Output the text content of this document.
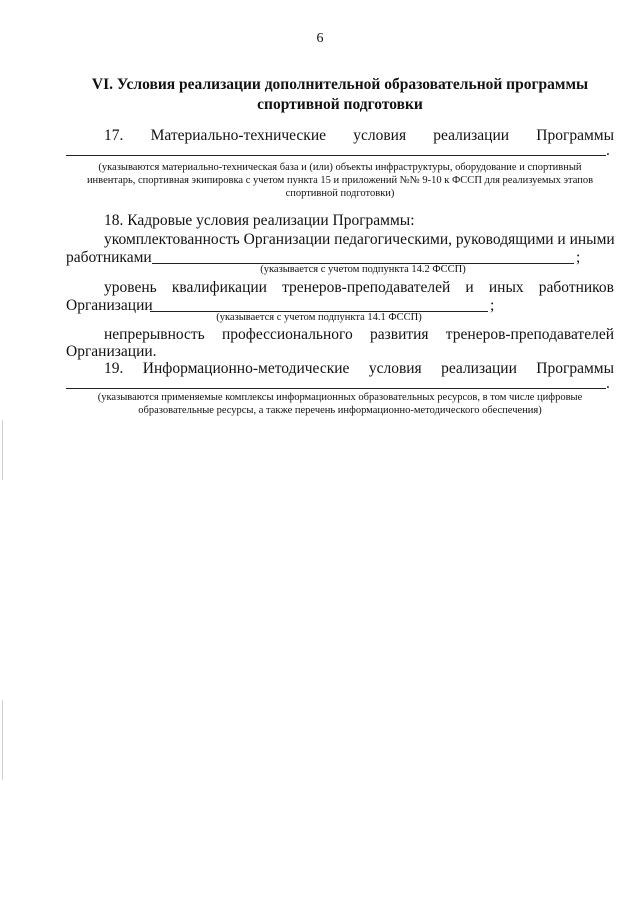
6
VI. Условия реализации дополнительной образовательной программы
спортивной подготовки
17. Материально-технические условия реализации Программы
.
(указываются материально-техническая база и (или) объекты инфраструктуры, оборудование и спортивный
инвентарь, спортивная экипировка с учетом пункта 15 и приложений №№ 9-10 к ФССП для реализуемых этапов
спортивной подготовки)
18. Кадровые условия реализации Программы:
укомплектованность Организации педагогическими, руководящими и иными
работниками	;
(указывается с учетом подпункта 14.2 ФССП)
уровень квалификации тренеров-преподавателей и иных работников
Организации	;
(указывается с учетом подпункта 14.1 ФССП)
непрерывность профессионального развития тренеров-преподавателей
Организации.
19. Информационно-методические условия реализации Программы
.
(указываются применяемые комплексы информационных образовательных ресурсов, в том числе цифровые
образовательные ресурсы, а также перечень информационно-методического обеспечения)
